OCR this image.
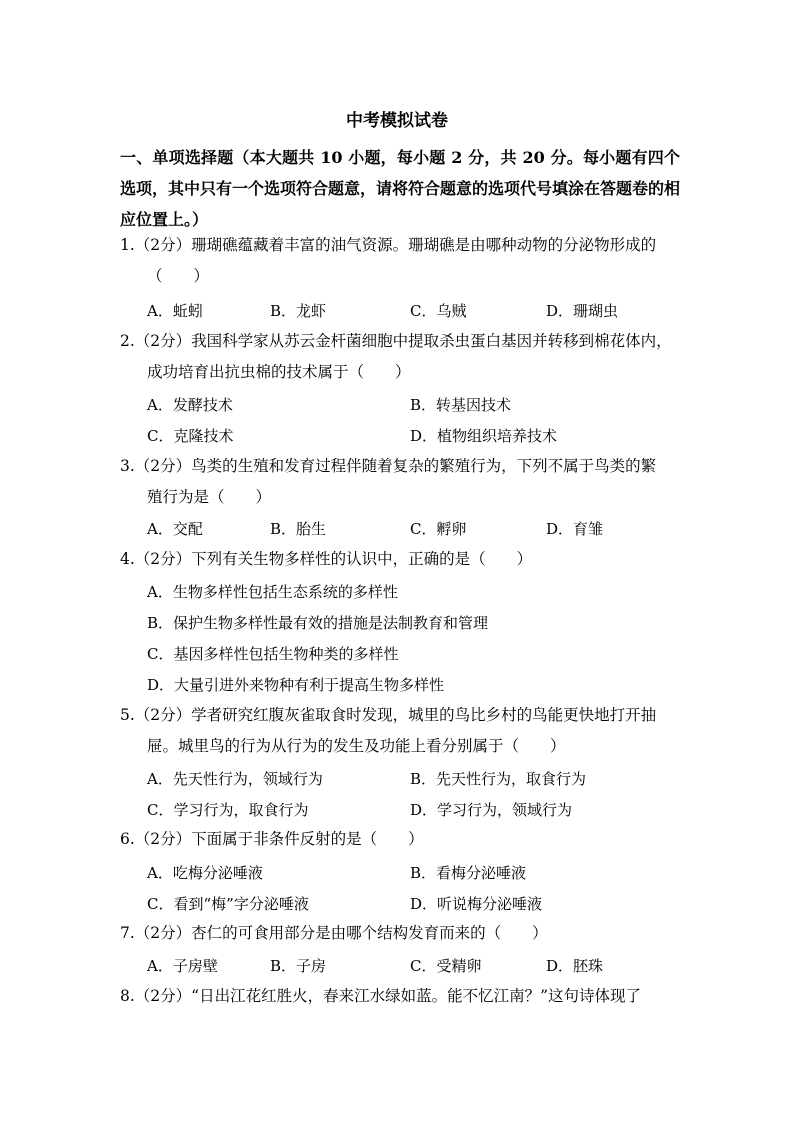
中考模拟试卷
一、单项选择题（本大题共 10 小题，每小题 2 分，共 20 分。每小题有四个选项，其中只有一个选项符合题意，请将符合题意的选项代号填涂在答题卷的相应位置上。）
1.（2分）珊瑚礁蕴藏着丰富的油气资源。珊瑚礁是由哪种动物的分泌物形成的
（　　）
A．蚯蚓	B．龙虾	C．乌贼	D．珊瑚虫
2.（2分）我国科学家从苏云金杆菌细胞中提取杀虫蛋白基因并转移到棉花体内，
成功培育出抗虫棉的技术属于（　　）
A．发酵技术	B．转基因技术
C．克隆技术	D．植物组织培养技术
3.（2分）鸟类的生殖和发育过程伴随着复杂的繁殖行为，下列不属于鸟类的繁
殖行为是（　　）
A．交配	B．胎生	C．孵卵	D．育雏
4.（2分）下列有关生物多样性的认识中，正确的是（　　）
A．生物多样性包括生态系统的多样性
B．保护生物多样性最有效的措施是法制教育和管理
C．基因多样性包括生物种类的多样性
D．大量引进外来物种有利于提高生物多样性
5.（2分）学者研究红腹灰雀取食时发现，城里的鸟比乡村的鸟能更快地打开抽
屉。城里鸟的行为从行为的发生及功能上看分别属于（　　）
A．先天性行为，领域行为	B．先天性行为，取食行为
C．学习行为，取食行为	D．学习行为，领域行为
6.（2分）下面属于非条件反射的是（　　）
A．吃梅分泌唾液	B．看梅分泌唾液
C．看到“梅”字分泌唾液	D．听说梅分泌唾液
7.（2分）杏仁的可食用部分是由哪个结构发育而来的（　　）
A．子房壁	B．子房	C．受精卵	D．胚珠
8.（2分）“日出江花红胜火，春来江水绿如蓝。能不忆江南？”这句诗体现了
